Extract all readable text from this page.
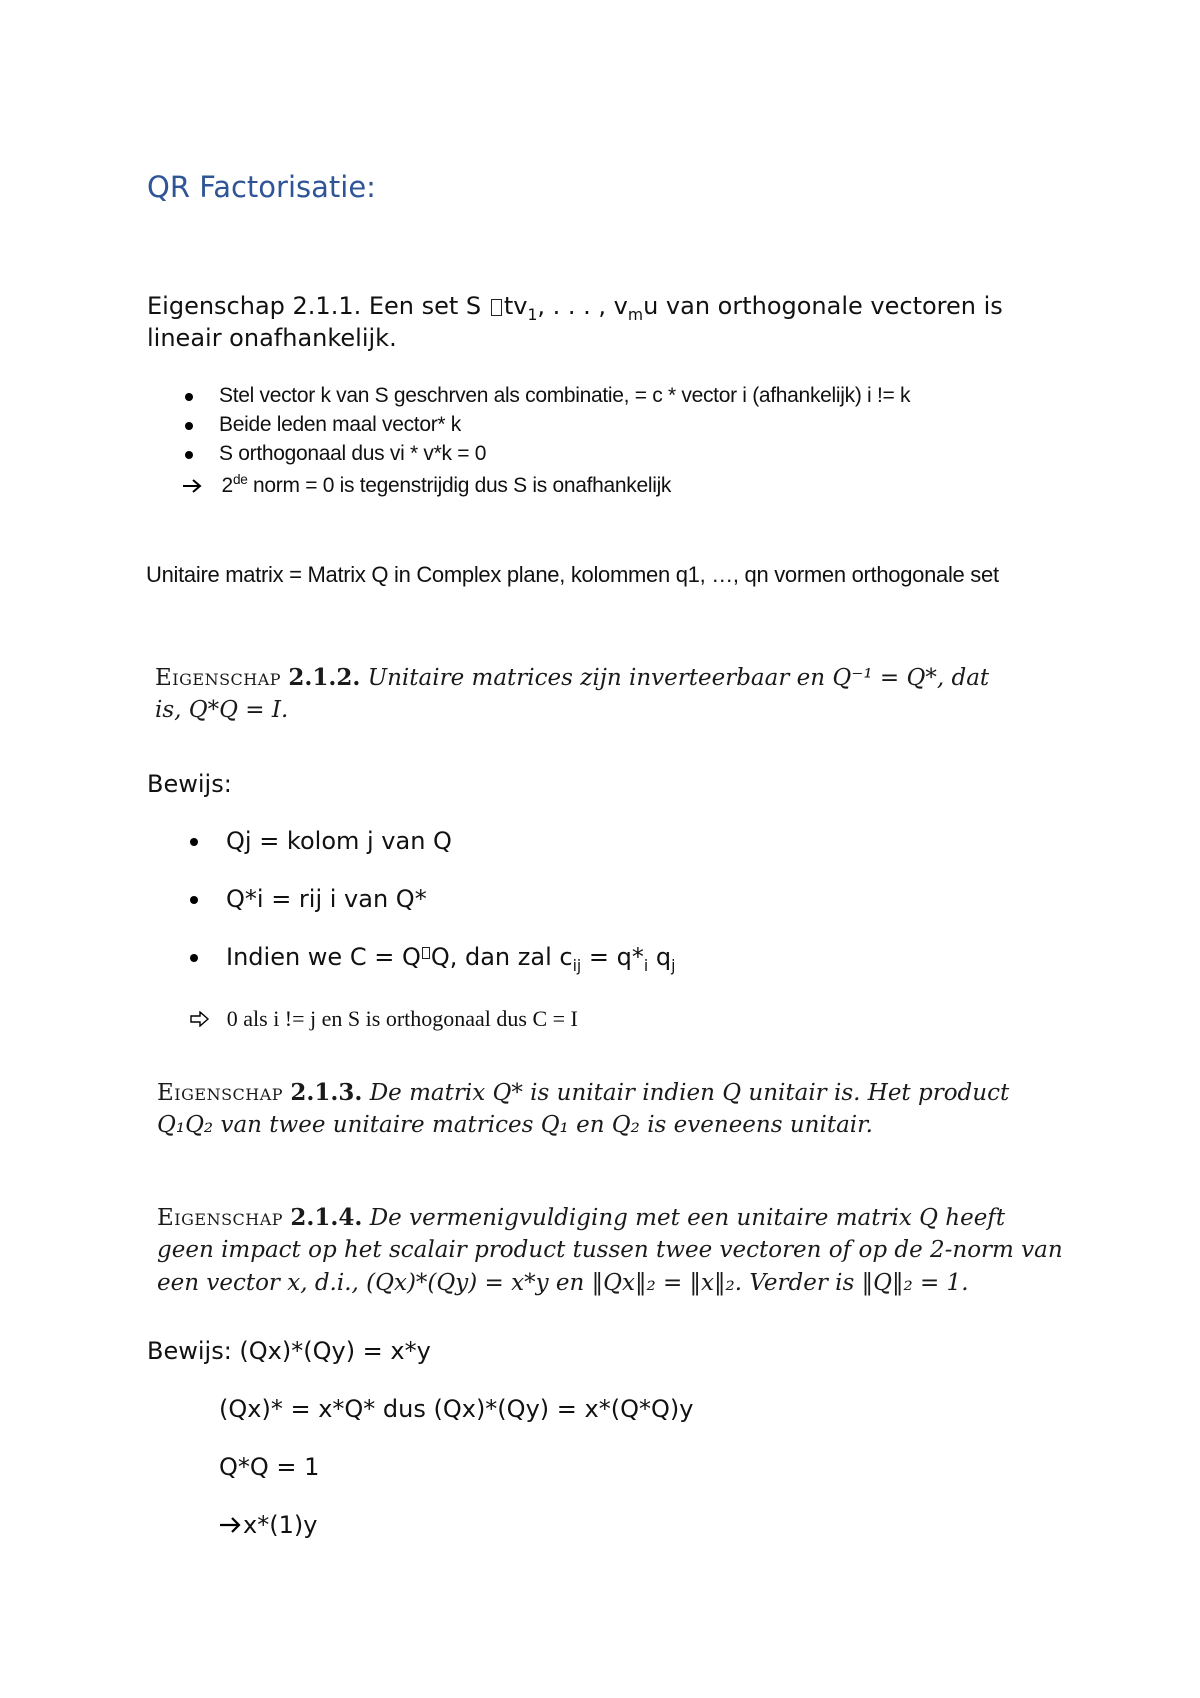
QR Factorisatie:
Eigenschap 2.1.1. Een set S $tv_1$, . . . , $v_mu$ van orthogonale vectoren is
lineair onafhankelijk.
Stel vector k van S geschrven als combinatie, = c * vector i (afhankelijk) i != k
Beide leden maal vector* k
S orthogonaal dus vi * v*k = 0
2de norm = 0 is tegenstrijdig dus S is onafhankelijk
Unitaire matrix = Matrix Q in Complex plane, kolommen q1, …, qn vormen orthogonale set
Eigenschap 2.1.2. Unitaire matrices zijn inverteerbaar en Q⁻¹ = Q*, dat
is, Q*Q = I.
Bewijs:
Qj = kolom j van Q
Q*i = rij i van Q*
Indien we C = Q Q, dan zal $c_{ij} = q*_i$ $q_j$
0 als i != j en S is orthogonaal dus C = I
Eigenschap 2.1.3. De matrix Q* is unitair indien Q unitair is. Het product
Q₁Q₂ van twee unitaire matrices Q₁ en Q₂ is eveneens unitair.
Eigenschap 2.1.4. De vermenigvuldiging met een unitaire matrix Q heeft
geen impact op het scalair product tussen twee vectoren of op de 2-norm van
een vector x, d.i., (Qx)*(Qy) = x*y en ‖Qx‖₂ = ‖x‖₂. Verder is ‖Q‖₂ = 1.
Bewijs: (Qx)*(Qy) = x*y
(Qx)* = x*Q* dus (Qx)*(Qy) = x*(Q*Q)y
Q*Q = 1
x*(1)y
